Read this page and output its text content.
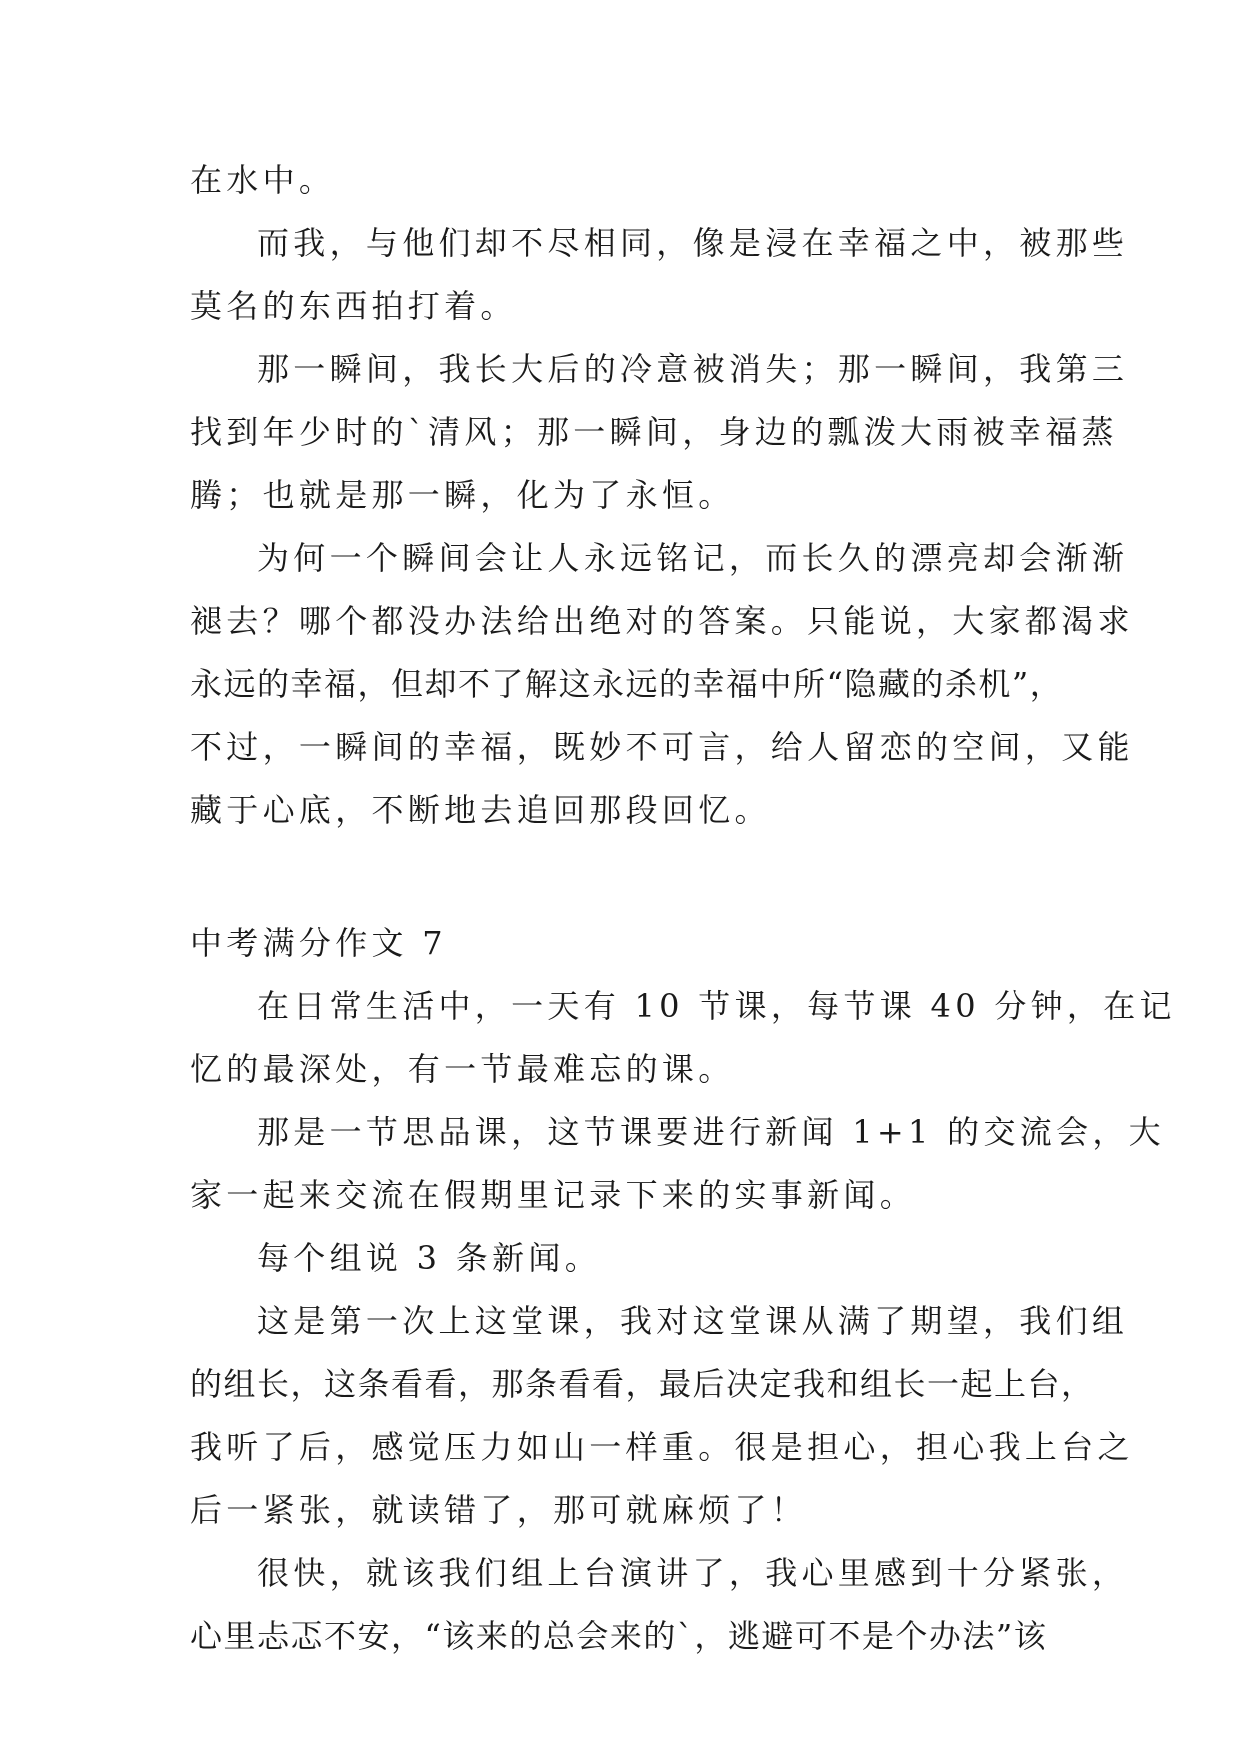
在水中。

而我，与他们却不尽相同，像是浸在幸福之中，被那些

莫名的东西拍打着。

那一瞬间，我长大后的冷意被消失；那一瞬间，我第三

找到年少时的`清风；那一瞬间，身边的瓢泼大雨被幸福蒸

腾；也就是那一瞬，化为了永恒。

为何一个瞬间会让人永远铭记，而长久的漂亮却会渐渐

褪去？哪个都没办法给出绝对的答案。只能说，大家都渴求

永远的幸福，但却不了解这永远的幸福中所“隐藏的杀机”，

不过，一瞬间的幸福，既妙不可言，给人留恋的空间，又能

藏于心底，不断地去追回那段回忆。

中考满分作文 7

在日常生活中，一天有 10 节课，每节课 40 分钟，在记

忆的最深处，有一节最难忘的课。

那是一节思品课，这节课要进行新闻 1+1 的交流会，大

家一起来交流在假期里记录下来的实事新闻。

每个组说 3 条新闻。

这是第一次上这堂课，我对这堂课从满了期望，我们组

的组长，这条看看，那条看看，最后决定我和组长一起上台，

我听了后，感觉压力如山一样重。很是担心，担心我上台之

后一紧张，就读错了，那可就麻烦了！

很快，就该我们组上台演讲了，我心里感到十分紧张，

心里忐忑不安，“该来的总会来的`，逃避可不是个办法”该
